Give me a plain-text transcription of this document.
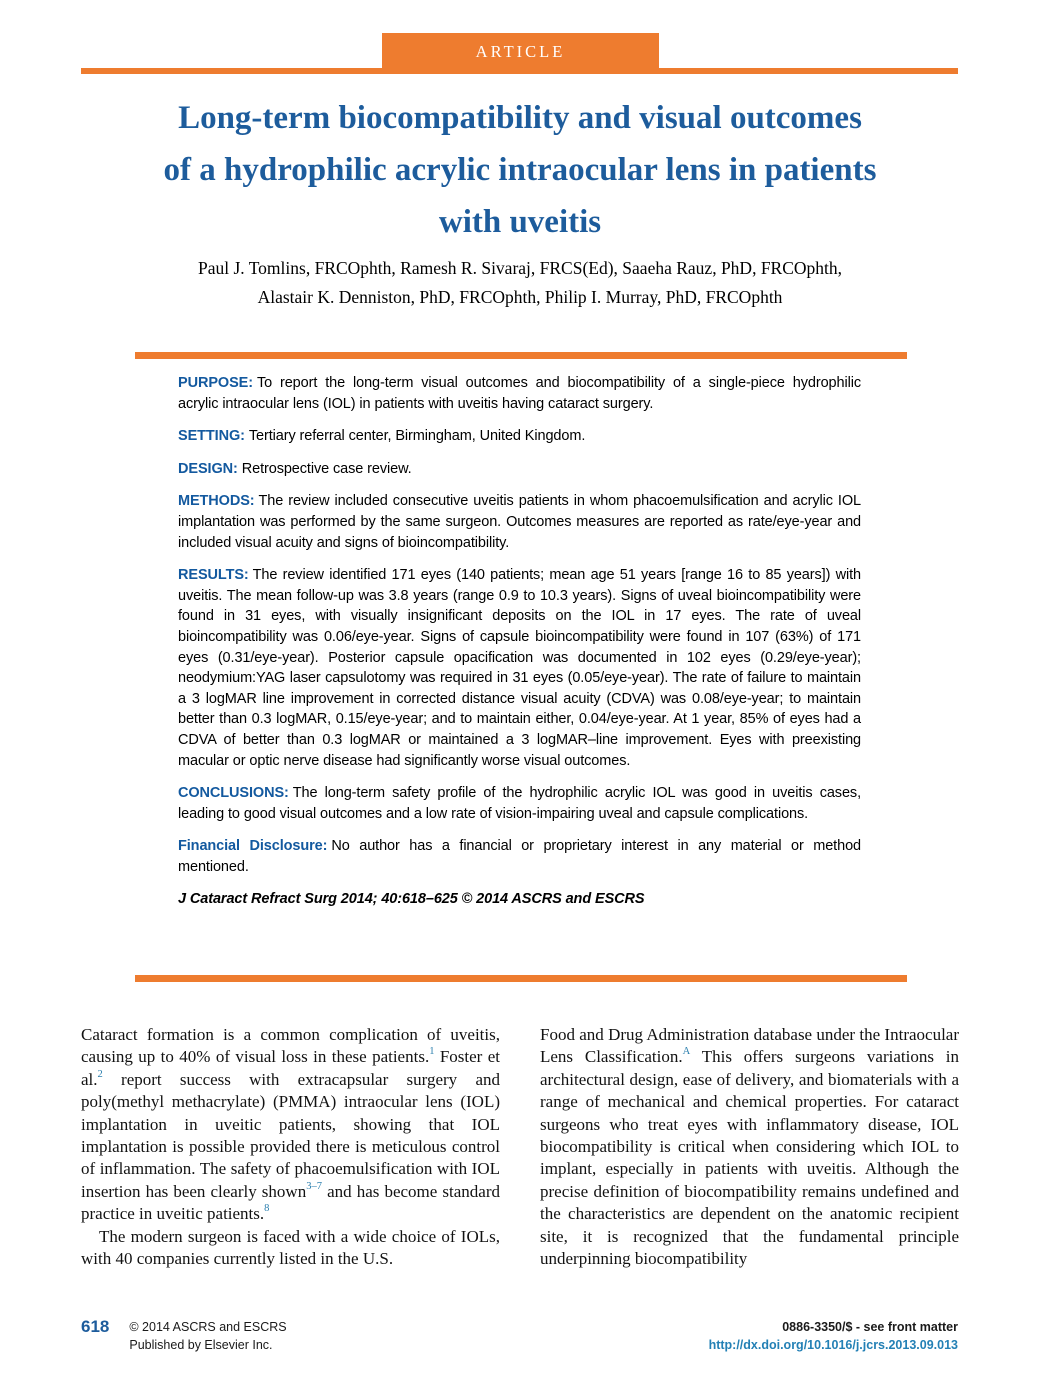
ARTICLE
Long-term biocompatibility and visual outcomes
of a hydrophilic acrylic intraocular lens in patients
with uveitis
Paul J. Tomlins, FRCOphth, Ramesh R. Sivaraj, FRCS(Ed), Saaeha Rauz, PhD, FRCOphth,
Alastair K. Denniston, PhD, FRCOphth, Philip I. Murray, PhD, FRCOphth

PURPOSE: To report the long-term visual outcomes and biocompatibility of a single-piece hydrophilic acrylic intraocular lens (IOL) in patients with uveitis having cataract surgery.

SETTING: Tertiary referral center, Birmingham, United Kingdom.

DESIGN: Retrospective case review.

METHODS: The review included consecutive uveitis patients in whom phacoemulsification and acrylic IOL implantation was performed by the same surgeon. Outcomes measures are reported as rate/eye-year and included visual acuity and signs of bioincompatibility.

RESULTS: The review identified 171 eyes (140 patients; mean age 51 years [range 16 to 85 years]) with uveitis. The mean follow-up was 3.8 years (range 0.9 to 10.3 years). Signs of uveal bioincompatibility were found in 31 eyes, with visually insignificant deposits on the IOL in 17 eyes. The rate of uveal bioincompatibility was 0.06/eye-year. Signs of capsule bioincompatibility were found in 107 (63%) of 171 eyes (0.31/eye-year). Posterior capsule opacification was documented in 102 eyes (0.29/eye-year); neodymium:YAG laser capsulotomy was required in 31 eyes (0.05/eye-year). The rate of failure to maintain a 3 logMAR line improvement in corrected distance visual acuity (CDVA) was 0.08/eye-year; to maintain better than 0.3 logMAR, 0.15/eye-year; and to maintain either, 0.04/eye-year. At 1 year, 85% of eyes had a CDVA of better than 0.3 logMAR or maintained a 3 logMAR–line improvement. Eyes with preexisting macular or optic nerve disease had significantly worse visual outcomes.

CONCLUSIONS: The long-term safety profile of the hydrophilic acrylic IOL was good in uveitis cases, leading to good visual outcomes and a low rate of vision-impairing uveal and capsule complications.

Financial Disclosure: No author has a financial or proprietary interest in any material or method mentioned.

J Cataract Refract Surg 2014; 40:618–625 © 2014 ASCRS and ESCRS

Cataract formation is a common complication of uveitis, causing up to 40% of visual loss in these patients.$^1$ Foster et al.$^2$ report success with extracapsular surgery and poly(methyl methacrylate) (PMMA) intraocular lens (IOL) implantation in uveitic patients, showing that IOL implantation is possible provided there is meticulous control of inflammation. The safety of phacoemulsification with IOL insertion has been clearly shown$^{3-7}$ and has become standard practice in uveitic patients.$^8$

The modern surgeon is faced with a wide choice of IOLs, with 40 companies currently listed in the U.S.

Food and Drug Administration database under the Intraocular Lens Classification.$^A$ This offers surgeons variations in architectural design, ease of delivery, and biomaterials with a range of mechanical and chemical properties. For cataract surgeons who treat eyes with inflammatory disease, IOL biocompatibility is critical when considering which IOL to implant, especially in patients with uveitis. Although the precise definition of biocompatibility remains undefined and the characteristics are dependent on the anatomic recipient site, it is recognized that the fundamental principle underpinning biocompatibility

618 © 2014 ASCRS and ESCRS
Published by Elsevier Inc.
0886-3350/$ - see front matter
http://dx.doi.org/10.1016/j.jcrs.2013.09.013
